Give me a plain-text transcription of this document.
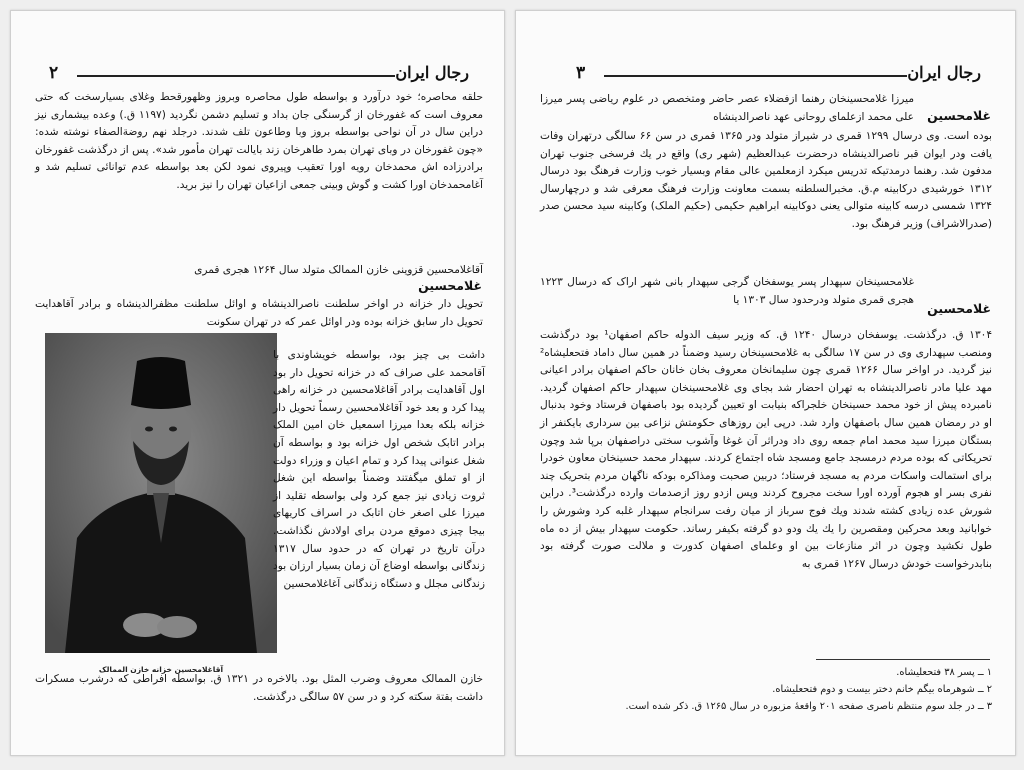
رجال ایران
۲

حلقه محاصره؛ خود درآورد و بواسطه طول محاصره وبروز وظهورقحط وغلای بسیارسخت که حتی معروف است که غفورخان از گرسنگی جان بداد و تسلیم دشمن نگردید (۱۱۹۷ ق.) وعده بیشماری نیز دراین سال در آن نواحی بواسطه بروز وبا وطاعون تلف شدند. درجلد نهم روضةالصفاء نوشته شده: «چون غفورخان در وبای تهران بمرد طاهرخان زند بایالت تهران مأمور شد». پس از درگذشت غفورخان برادرزاده اش محمدخان رویه اورا تعقیب وپیروی نمود لکن بعد بواسطه عدم توانائی تسلیم شد و آغامحمدخان اورا کشت و گوش وبینی جمعی ازاعیان تهران را نیز برید.

غلامحسین

آقاغلامحسین قزوینی خازن الممالک متولد سال ۱۲۶۴ هجری قمری

تحویل دار خزانه در اواخر سلطنت ناصرالدینشاه و اوائل سلطنت مظفرالدینشاه و برادر آقاهدایت تحویل دار سابق خزانه بوده ودر اوائل عمر که در تهران سکونت

آقاغلامحسین خزانه خازن الممالک

داشت بی چیز بود، بواسطه خویشاوندی با آقامحمد علی صراف که در خزانه تحویل دار بود اول آقاهدایت برادر آقاغلامحسین در خزانه راهی پیدا کرد و بعد خود آقاغلامحسین رسماً تحویل دار خزانه بلکه بعدا میرزا اسمعیل خان امین الملک برادر اتابک شخص اول خزانه بود و بواسطه آن شغل عنوانی پیدا کرد و تمام اعیان و وزراء دولت از او تملق میگفتند وضمناً بواسطه این شغل ثروت زیادی نیز جمع کرد ولی بواسطه تقلید از میرزا علی اصغر خان اتابک در اسراف کاریهای بیجا چیزی دموقع مردن برای اولادش نگذاشت. درآن تاریخ در تهران که در حدود سال ۱۳۱۷ زندگانی بواسطه اوضاع آن زمان بسیار ارزان بود زندگانی مجلل و دستگاه زندگانی آغاغلامحسین

خازن الممالک معروف وضرب المثل بود. بالاخره در ۱۳۲۱ ق. بواسطه افراطی که درشرب مسکرات داشت بقتة سکته کرد و در سن ۵۷ سالگی درگذشت.

رجال ایران
۳

میرزا غلامحسینخان رهنما ازفضلاء عصر حاضر ومتخصص در علوم ریاضی پسر میرزا علی محمد ازعلمای روحانی عهد ناصرالدینشاه غلامحسین

بوده است. وی درسال ۱۲۹۹ قمری در شیراز متولد ودر ۱۳۶۵ قمری در سن ۶۶ سالگی درتهران وفات یافت ودر ایوان قبر ناصرالدینشاه درحضرت عبدالعظیم (شهر ری) واقع در یك فرسخی جنوب تهران مدفون شد. رهنما درمدتیکه تدریس میکرد ازمعلمین عالی مقام وبسیار خوب وزارت فرهنگ بود درسال ۱۳۱۲ خورشیدی درکابینه م.ق. مخبرالسلطنه بسمت معاونت وزارت فرهنگ معرفی شد و درچهارسال ۱۳۲۴ شمسی درسه کابینه متوالی یعنی دوکابینه ابراهیم حکیمی (حکیم الملک) وکابینه سید محسن صدر (صدرالاشراف) وزیر فرهنگ بود.

غلامحسین

غلامحسینخان سپهدار پسر یوسفخان گرجی سپهدار بانی شهر اراک که درسال ۱۲۲۳ هجری قمری متولد ودرحدود سال ۱۳۰۳ یا

۱۳۰۴ ق. درگذشت. یوسفخان درسال ۱۲۴۰ ق. که وزیر سیف الدوله حاکم اصفهان¹ بود درگذشت ومنصب سپهداری وی در سن ۱۷ سالگی به غلامحسینخان رسید وضمناً در همین سال داماد فتحعلیشاه² نیز گردید. در اواخر سال ۱۲۶۶ قمری چون سلیمانخان معروف بخان خانان حاکم اصفهان برادر اعیانی مهد علیا مادر ناصرالدینشاه به تهران احضار شد بجای وی غلامحسینخان سپهدار حاکم اصفهان گردید. نامبرده پیش از خود محمد حسینخان خلجراکه بنیابت او تعیین گردیده بود باصفهان فرستاد وخود بدنبال او در رمضان همین سال باصفهان وارد شد. درپی این روزهای حکومتش نزاعی بین سرداری بایکنفر از بستگان میرزا سید محمد امام جمعه روی داد ودراثر آن غوغا وآشوب سختی دراصفهان برپا شد وچون تحریکاتی که بوده مردم درمسجد جامع ومسجد شاه اجتماع کردند. سپهدار محمد حسینخان معاون خودرا برای استمالت واسکات مردم به مسجد فرستاد؛ دربین صحبت ومذاکره بودکه ناگهان مردم بتحریک چند نفری بسر او هجوم آورده اورا سخت مجروح کردند وپس ازدو روز ازصدمات وارده درگذشت³. دراین شورش عده زیادی کشته شدند ویك فوج سرباز از میان رفت سرانجام سپهدار غلبه کرد وشورش را خوابانید وبعد محرکین ومقصرین را یك یك ودو دو گرفته بکیفر رساند. حکومت سپهدار بیش از ده ماه طول نکشید وچون در اثر منازعات بین او وعلمای اصفهان کدورت و ملالت صورت گرفته بود بنابدرخواست خودش درسال ۱۲۶۷ قمری به

۱ ــ پسر ۳۸ فتحعلیشاه.

۲ ــ شوهرماه بیگم خانم دختر بیست و دوم فتحعلیشاه.

۳ ــ در جلد سوم منتظم ناصری صفحه ۲۰۱ واقعهٔ مزبوره در سال ۱۲۶۵ ق. ذکر شده است.
